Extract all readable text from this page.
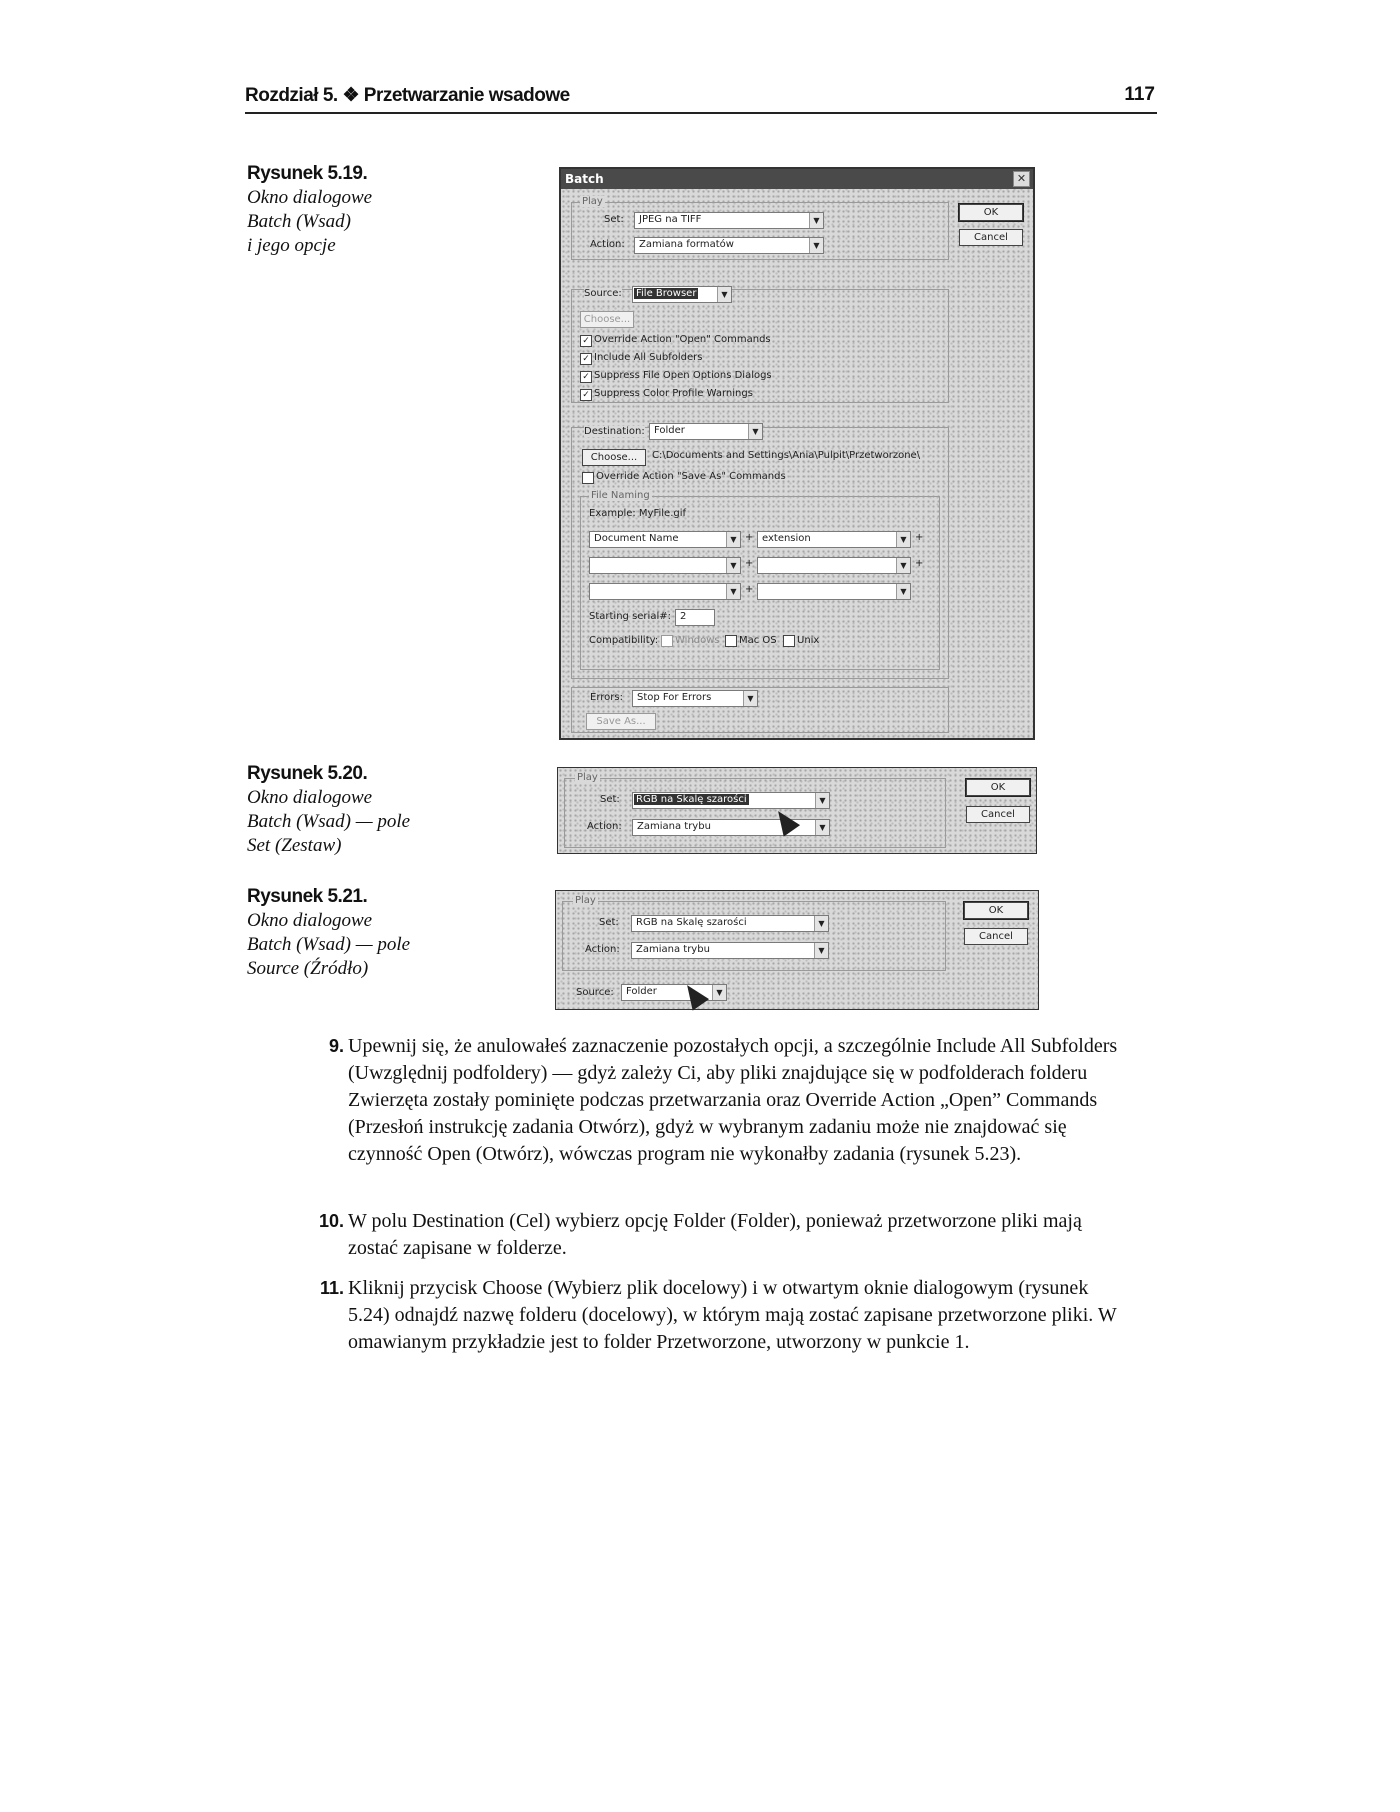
Rozdział 5. ❖ Przetwarzanie wsadowe	117
Rysunek 5.19.
Okno dialogowe
Batch (Wsad)
i jego opcje
Rysunek 5.20.
Okno dialogowe
Batch (Wsad) — pole
Set (Zestaw)
Rysunek 5.21.
Okno dialogowe
Batch (Wsad) — pole
Source (Źródło)
Batch	✕
Play
Set: JPEG na TIFF	▼
Action: Zamiana formatów	▼
OK
Cancel
Source: File Browser	▼
Choose...
✓ Override Action "Open" Commands
✓ Include All Subfolders
✓ Suppress File Open Options Dialogs
✓ Suppress Color Profile Warnings
Destination: Folder	▼
Choose...	C:\Documents and Settings\Ania\Pulpit\Przetworzone\
Override Action "Save As" Commands
File Naming
Example: MyFile.gif
Document Name	▼ + extension	▼ +
▼ +	▼ +
▼ +	▼
Starting serial#: 2
Compatibility: Windows Mac OS Unix
Errors: Stop For Errors	▼
Save As...
Play
Set: RGB na Skalę szarości	▼
Action: Zamiana trybu	▼
OK
Cancel
Play
Set: RGB na Skalę szarości	▼
Action: Zamiana trybu	▼
Source: Folder	▼
OK
Cancel
9. Upewnij się, że anulowałeś zaznaczenie pozostałych opcji, a szczególnie Include All Subfolders (Uwzględnij podfoldery) — gdyż zależy Ci, aby pliki znajdujące się w podfolderach folderu Zwierzęta zostały pominięte podczas przetwarzania oraz Override Action „Open” Commands (Przesłoń instrukcję zadania Otwórz), gdyż w wybranym zadaniu może nie znajdować się czynność Open (Otwórz), wówczas program nie wykonałby zadania (rysunek 5.23).

10. W polu Destination (Cel) wybierz opcję Folder (Folder), ponieważ przetworzone pliki mają zostać zapisane w folderze.

11. Kliknij przycisk Choose (Wybierz plik docelowy) i w otwartym oknie dialogowym (rysunek 5.24) odnajdź nazwę folderu (docelowy), w którym mają zostać zapisane przetworzone pliki. W omawianym przykładzie jest to folder Przetworzone, utworzony w punkcie 1.
